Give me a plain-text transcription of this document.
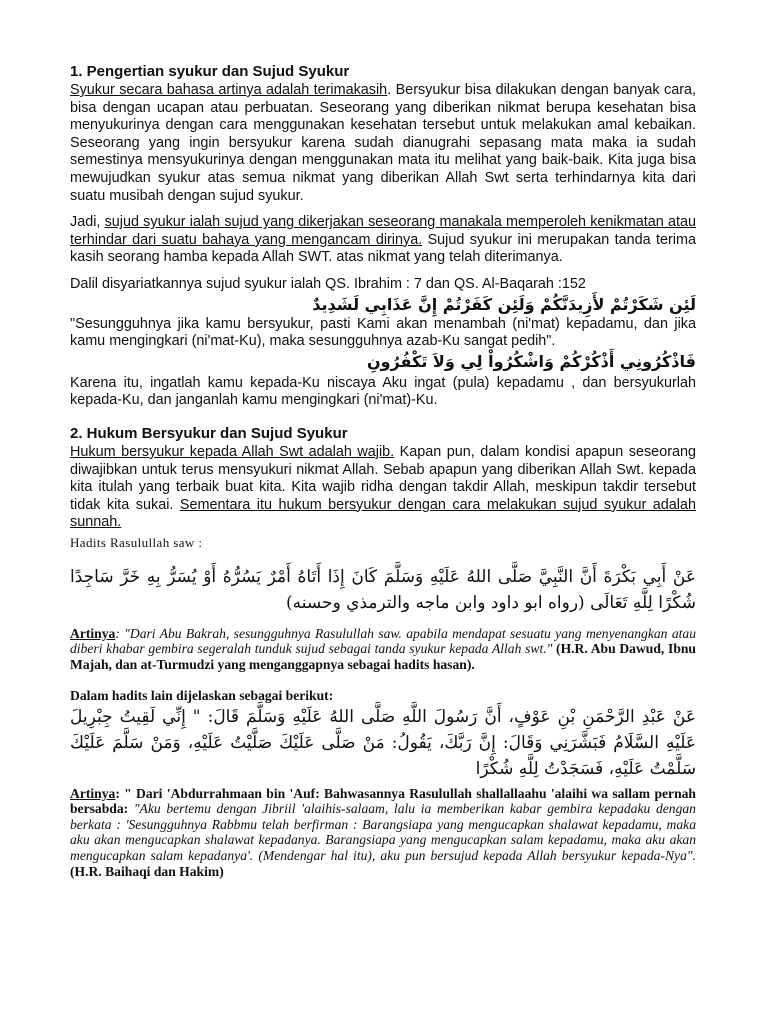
1. Pengertian syukur dan Sujud Syukur

Syukur secara bahasa artinya adalah terimakasih. Bersyukur bisa dilakukan dengan banyak cara, bisa dengan ucapan atau perbuatan. Seseorang yang diberikan nikmat berupa kesehatan bisa menyukurinya dengan cara menggunakan kesehatan tersebut untuk melakukan amal kebaikan. Seseorang yang ingin bersyukur karena sudah dianugrahi sepasang mata maka ia sudah semestinya mensyukurinya dengan menggunakan mata itu melihat yang baik-baik. Kita juga bisa mewujudkan syukur atas semua nikmat yang diberikan Allah Swt serta terhindarnya kita dari suatu musibah dengan sujud syukur.

Jadi, sujud syukur ialah sujud yang dikerjakan seseorang manakala memperoleh kenikmatan atau terhindar dari suatu bahaya yang mengancam dirinya. Sujud syukur ini merupakan tanda terima kasih seorang hamba kepada Allah SWT. atas nikmat yang telah diterimanya.

Dalil disyariatkannya sujud syukur ialah QS. Ibrahim : 7 dan QS. Al-Baqarah :152

لَئِن شَكَرْتُمْ لأَزِيدَنَّكُمْ وَلَئِن كَفَرْتُمْ إِنَّ عَذَابِي لَشَدِيدٌ

"Sesungguhnya jika kamu bersyukur, pasti Kami akan menambah (ni'mat) kepadamu, dan jika kamu mengingkari (ni'mat-Ku), maka sesungguhnya azab-Ku sangat pedih".

فَاذْكُرُونِي أَذْكُرْكُمْ وَاشْكُرُواْ لِي وَلاَ تَكْفُرُونِ

Karena itu, ingatlah kamu kepada-Ku niscaya Aku ingat (pula) kepadamu , dan bersyukurlah kepada-Ku, dan janganlah kamu mengingkari (ni'mat)-Ku.

2. Hukum Bersyukur dan Sujud Syukur

Hukum bersyukur kepada Allah Swt adalah wajib. Kapan pun, dalam kondisi apapun seseorang diwajibkan untuk terus mensyukuri nikmat Allah. Sebab apapun yang diberikan Allah Swt. kepada kita itulah yang terbaik buat kita. Kita wajib ridha dengan takdir Allah, meskipun takdir tersebut tidak kita sukai. Sementara itu hukum bersyukur dengan cara melakukan sujud syukur adalah sunnah.

Hadits Rasulullah saw :

عَنْ أَبِي بَكْرَةَ أَنَّ النَّبِيَّ صَلَّى اللهُ عَلَيْهِ وَسَلَّمَ كَانَ إِذَا أَتَاهُ أَمْرٌ يَسُرُّهُ أَوْ يُسَرُّ بِهِ خَرَّ سَاجِدًا شُكْرًا لِلَّهِ تَعَالَى (رواه ابو داود وابن ماجه والترمذي وحسنه)

Artinya: "Dari Abu Bakrah, sesungguhnya Rasulullah saw. apabila mendapat sesuatu yang menyenangkan atau diberi khabar gembira segeralah tunduk sujud sebagai tanda syukur kepada Allah swt." (H.R. Abu Dawud, Ibnu Majah, dan at-Turmudzi yang menganggapnya sebagai hadits hasan).

Dalam hadits lain dijelaskan sebagai berikut:

عَنْ عَبْدِ الرَّحْمَنِ بْنِ عَوْفٍ، أَنَّ رَسُولَ اللَّهِ صَلَّى اللهُ عَلَيْهِ وَسَلَّمَ قَالَ: " إِنِّي لَقِيتُ جِبْرِيلَ عَلَيْهِ السَّلَامُ فَبَشَّرَنِي وَقَالَ: إِنَّ رَبَّكَ، يَقُولُ: مَنْ صَلَّى عَلَيْكَ صَلَّيْتُ عَلَيْهِ، وَمَنْ سَلَّمَ عَلَيْكَ سَلَّمْتُ عَلَيْهِ، فَسَجَدْتُ لِلَّهِ شُكْرًا

Artinya: " Dari 'Abdurrahmaan bin 'Auf: Bahwasannya Rasulullah shallallaahu 'alaihi wa sallam pernah bersabda: "Aku bertemu dengan Jibriil 'alaihis-salaam, lalu ia memberikan kabar gembira kepadaku dengan berkata : 'Sesungguhnya Rabbmu telah berfirman : Barangsiapa yang mengucapkan shalawat kepadamu, maka aku akan mengucapkan shalawat kepadanya. Barangsiapa yang mengucapkan salam kepadamu, maka aku akan mengucapkan salam kepadanya'. (Mendengar hal itu), aku pun bersujud kepada Allah bersyukur kepada-Nya". (H.R. Baihaqi dan Hakim)
